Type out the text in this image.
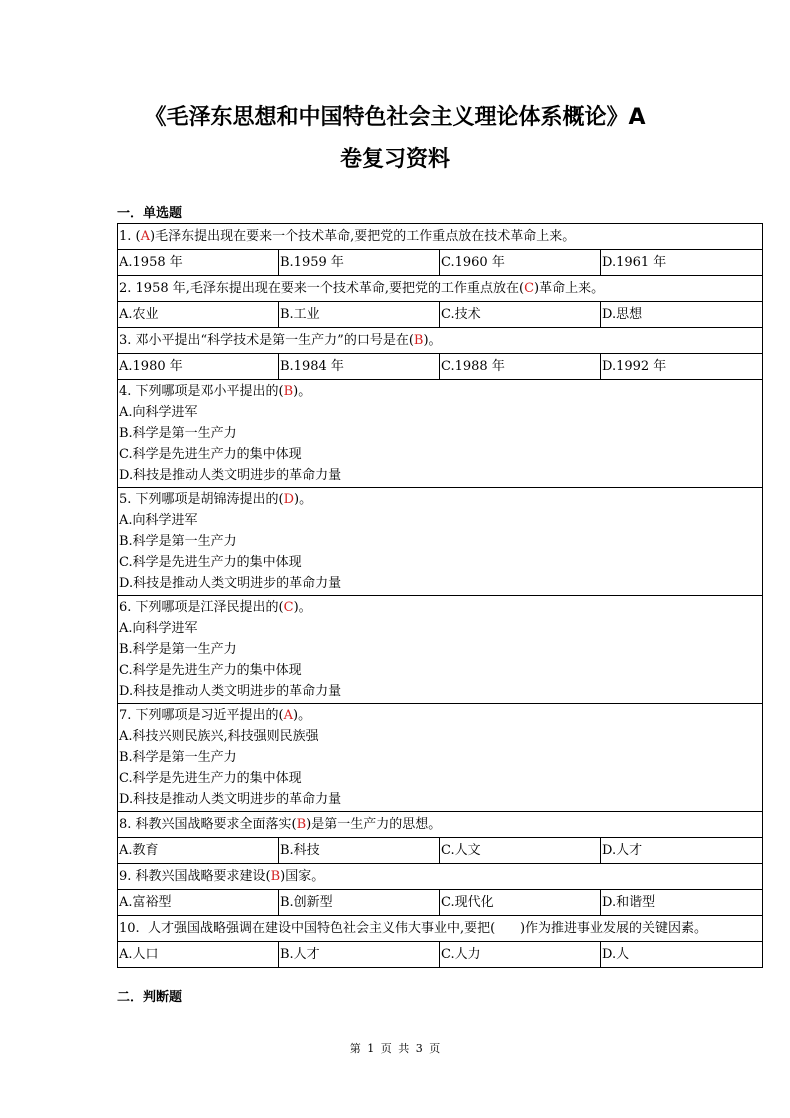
《毛泽东思想和中国特色社会主义理论体系概论》A
卷复习资料
一．单选题
1. (A)毛泽东提出现在要来一个技术革命,要把党的工作重点放在技术革命上来。			
A.1958 年	B.1959 年	C.1960 年	D.1961 年
2. 1958 年,毛泽东提出现在要来一个技术革命,要把党的工作重点放在(C)革命上来。			
A.农业	B.工业	C.技术	D.思想
3. 邓小平提出“科学技术是第一生产力”的口号是在(B)。			
A.1980 年	B.1984 年	C.1988 年	D.1992 年

4. 下列哪项是邓小平提出的(B)。
A.向科学进军
B.科学是第一生产力
C.科学是先进生产力的集中体现
D.科技是推动人类文明进步的革命力量			

5. 下列哪项是胡锦涛提出的(D)。
A.向科学进军
B.科学是第一生产力
C.科学是先进生产力的集中体现
D.科技是推动人类文明进步的革命力量			

6. 下列哪项是江泽民提出的(C)。
A.向科学进军
B.科学是第一生产力
C.科学是先进生产力的集中体现
D.科技是推动人类文明进步的革命力量			

7. 下列哪项是习近平提出的(A)。
A.科技兴则民族兴,科技强则民族强
B.科学是第一生产力
C.科学是先进生产力的集中体现
D.科技是推动人类文明进步的革命力量			

8. 科教兴国战略要求全面落实(B)是第一生产力的思想。			
A.教育	B.科技	C.人文	D.人才
9. 科教兴国战略要求建设(B)国家。			
A.富裕型	B.创新型	C.现代化	D.和谐型
10.  人才强国战略强调在建设中国特色社会主义伟大事业中,要把( )作为推进事业发展的关键因素。			
A.人口	B.人才	C.人力	D.人
二．判断题
第 1 页 共 3 页
